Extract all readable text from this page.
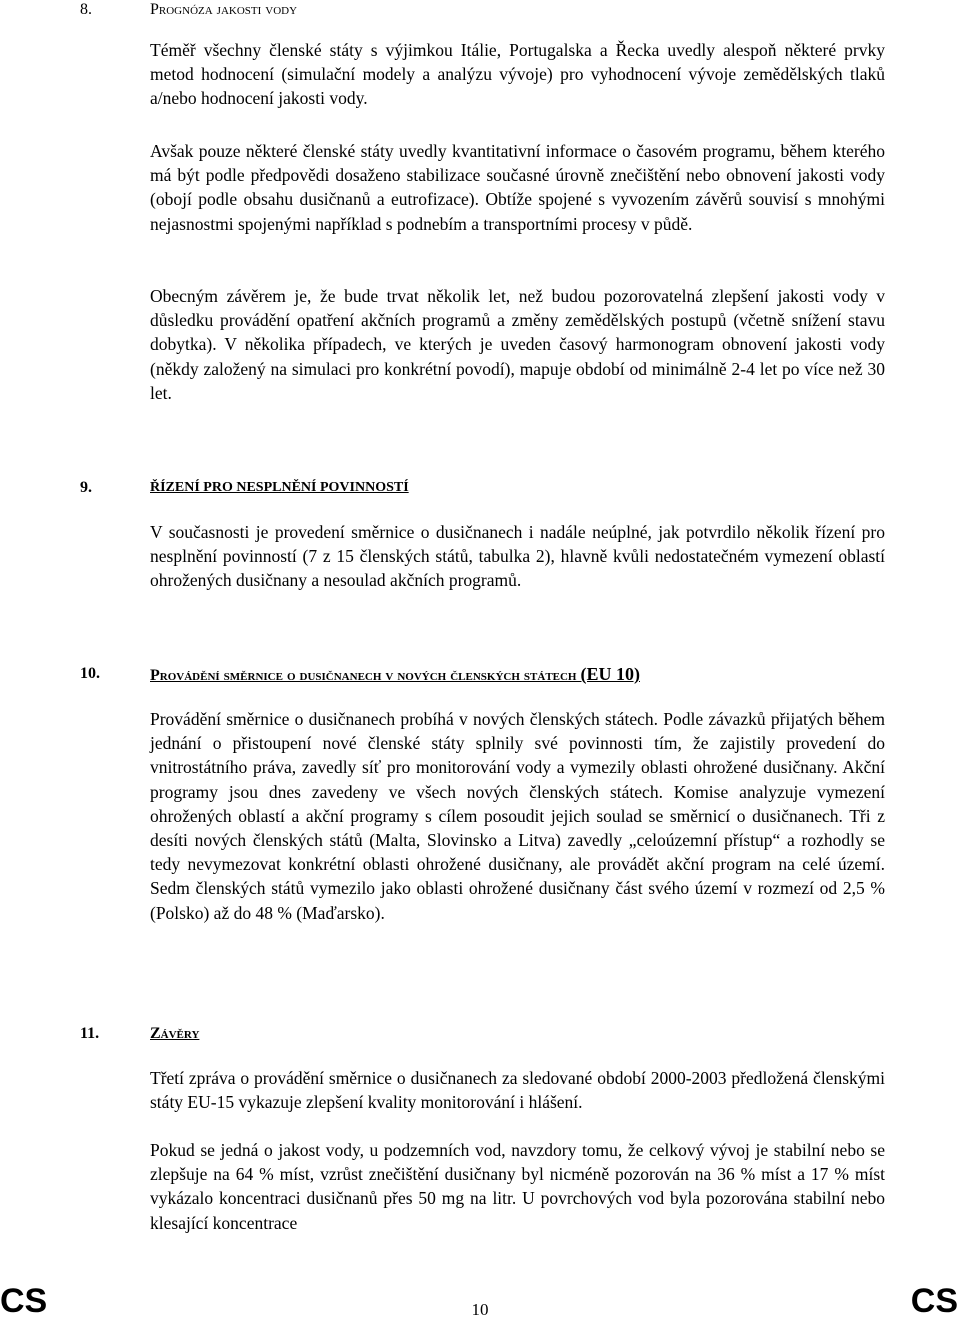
8.	Prognóza jakosti vody

Téměř všechny členské státy s výjimkou Itálie, Portugalska a Řecka uvedly alespoň některé prvky metod hodnocení (simulační modely a analýzu vývoje) pro vyhodnocení vývoje zemědělských tlaků a/nebo hodnocení jakosti vody.

Avšak pouze některé členské státy uvedly kvantitativní informace o časovém programu, během kterého má být podle předpovědi dosaženo stabilizace současné úrovně znečištění nebo obnovení jakosti vody (obojí podle obsahu dusičnanů a eutrofizace). Obtíže spojené s vyvozením závěrů souvisí s mnohými nejasnostmi spojenými například s podnebím a transportními procesy v půdě.

Obecným závěrem je, že bude trvat několik let, než budou pozorovatelná zlepšení jakosti vody v důsledku provádění opatření akčních programů a změny zemědělských postupů (včetně snížení stavu dobytka). V několika případech, ve kterých je uveden časový harmonogram obnovení jakosti vody (někdy založený na simulaci pro konkrétní povodí), mapuje období od minimálně 2-4 let po více než 30 let.

9.	ŘÍZENÍ PRO NESPLNĚNÍ POVINNOSTÍ

V současnosti je provedení směrnice o dusičnanech i nadále neúplné, jak potvrdilo několik řízení pro nesplnění povinností (7 z 15 členských států, tabulka 2), hlavně kvůli nedostatečném vymezení oblastí ohrožených dusičnany a nesoulad akčních programů.

10.	Provádění směrnice o dusičnanech v nových členských státech (EU 10)

Provádění směrnice o dusičnanech probíhá v nových členských státech. Podle závazků přijatých během jednání o přistoupení nové členské státy splnily své povinnosti tím, že zajistily provedení do vnitrostátního práva, zavedly síť pro monitorování vody a vymezily oblasti ohrožené dusičnany. Akční programy jsou dnes zavedeny ve všech nových členských státech. Komise analyzuje vymezení ohrožených oblastí a akční programy s cílem posoudit jejich soulad se směrnicí o dusičnanech. Tři z desíti nových členských států (Malta, Slovinsko a Litva) zavedly „celoúzemní přístup“ a rozhodly se tedy nevymezovat konkrétní oblasti ohrožené dusičnany, ale provádět akční program na celé území. Sedm členských států vymezilo jako oblasti ohrožené dusičnany část svého území v rozmezí od 2,5 % (Polsko) až do 48 % (Maďarsko).

11.	Závěry

Třetí zpráva o provádění směrnice o dusičnanech za sledované období 2000-2003 předložená členskými státy EU-15 vykazuje zlepšení kvality monitorování i hlášení.

Pokud se jedná o jakost vody, u podzemních vod, navzdory tomu, že celkový vývoj je stabilní nebo se zlepšuje na 64 % míst, vzrůst znečištění dusičnany byl nicméně pozorován na 36 % míst a 17 % míst vykázalo koncentraci dusičnanů přes 50 mg na litr. U povrchových vod byla pozorována stabilní nebo klesající koncentrace

CS	10	CS
